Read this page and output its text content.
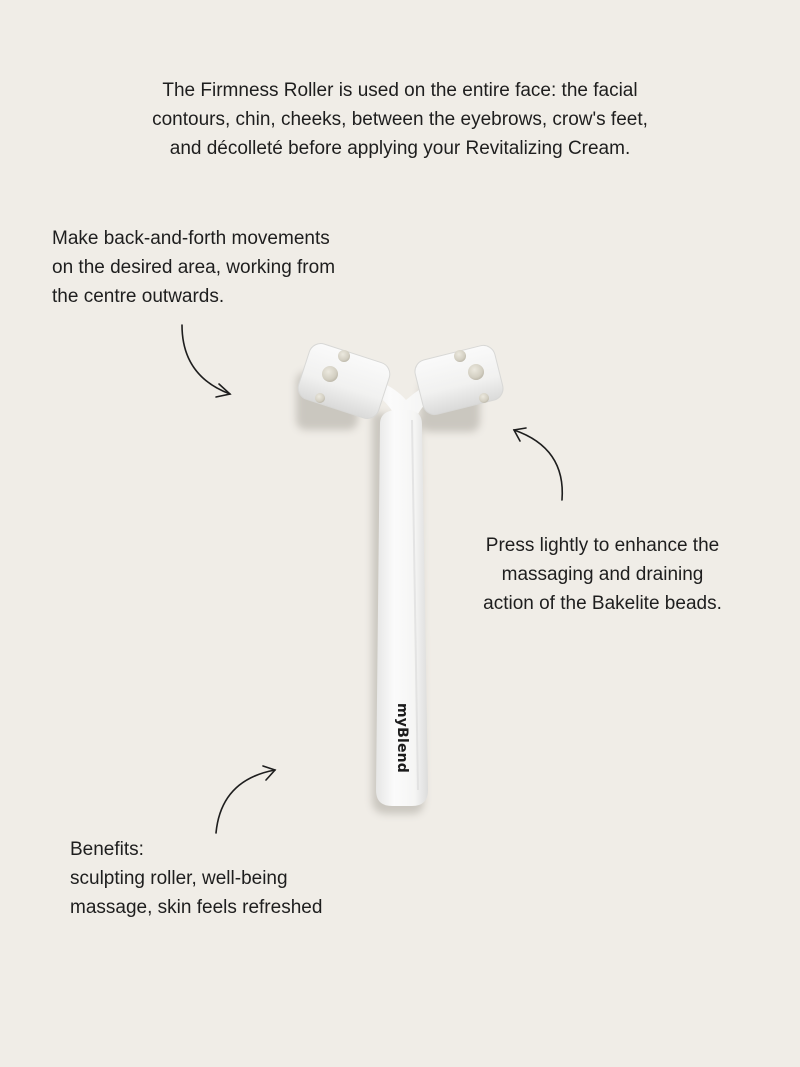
The Firmness Roller is used on the entire face: the facial
contours, chin, cheeks, between the eyebrows, crow's feet,
and décolleté before applying your Revitalizing Cream.
Make back-and-forth movements
on the desired area, working from
the centre outwards.
Press lightly to enhance the
massaging and draining
action of the Bakelite beads.
Benefits:
sculpting roller, well-being
massage, skin feels refreshed
myBlend
